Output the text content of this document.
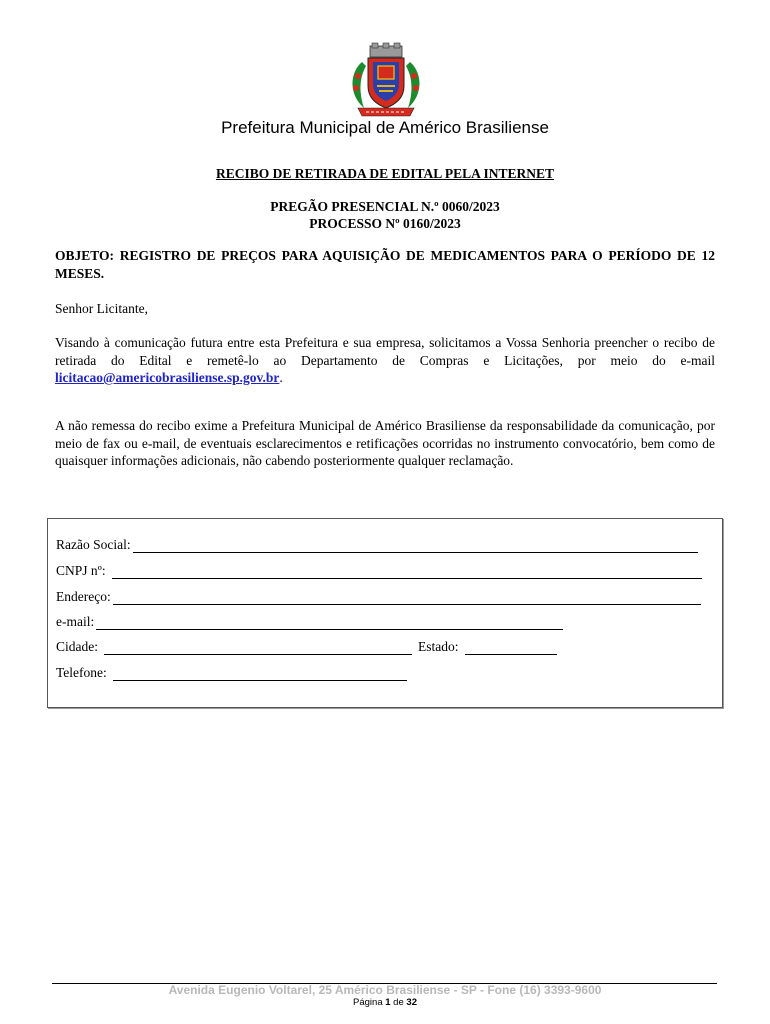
Prefeitura Municipal de Américo Brasiliense
RECIBO DE RETIRADA DE EDITAL PELA INTERNET
PREGÃO PRESENCIAL N.º 0060/2023
PROCESSO Nº 0160/2023
OBJETO: REGISTRO DE PREÇOS PARA AQUISIÇÃO DE MEDICAMENTOS PARA O PERÍODO DE 12 MESES.
Senhor Licitante,
Visando à comunicação futura entre esta Prefeitura e sua empresa, solicitamos a Vossa Senhoria preencher o recibo de retirada do Edital e remetê-lo ao Departamento de Compras e Licitações, por meio do e-mail licitacao@americobrasiliense.sp.gov.br.
A não remessa do recibo exime a Prefeitura Municipal de Américo Brasiliense da responsabilidade da comunicação, por meio de fax ou e-mail, de eventuais esclarecimentos e retificações ocorridas no instrumento convocatório, bem como de quaisquer informações adicionais, não cabendo posteriormente qualquer reclamação.
Razão Social:
CNPJ nº:
Endereço:
e-mail:
Cidade:	Estado:
Telefone:
Avenida Eugenio Voltarel, 25 Américo Brasiliense - SP - Fone (16) 3393-9600
Página 1 de 32
